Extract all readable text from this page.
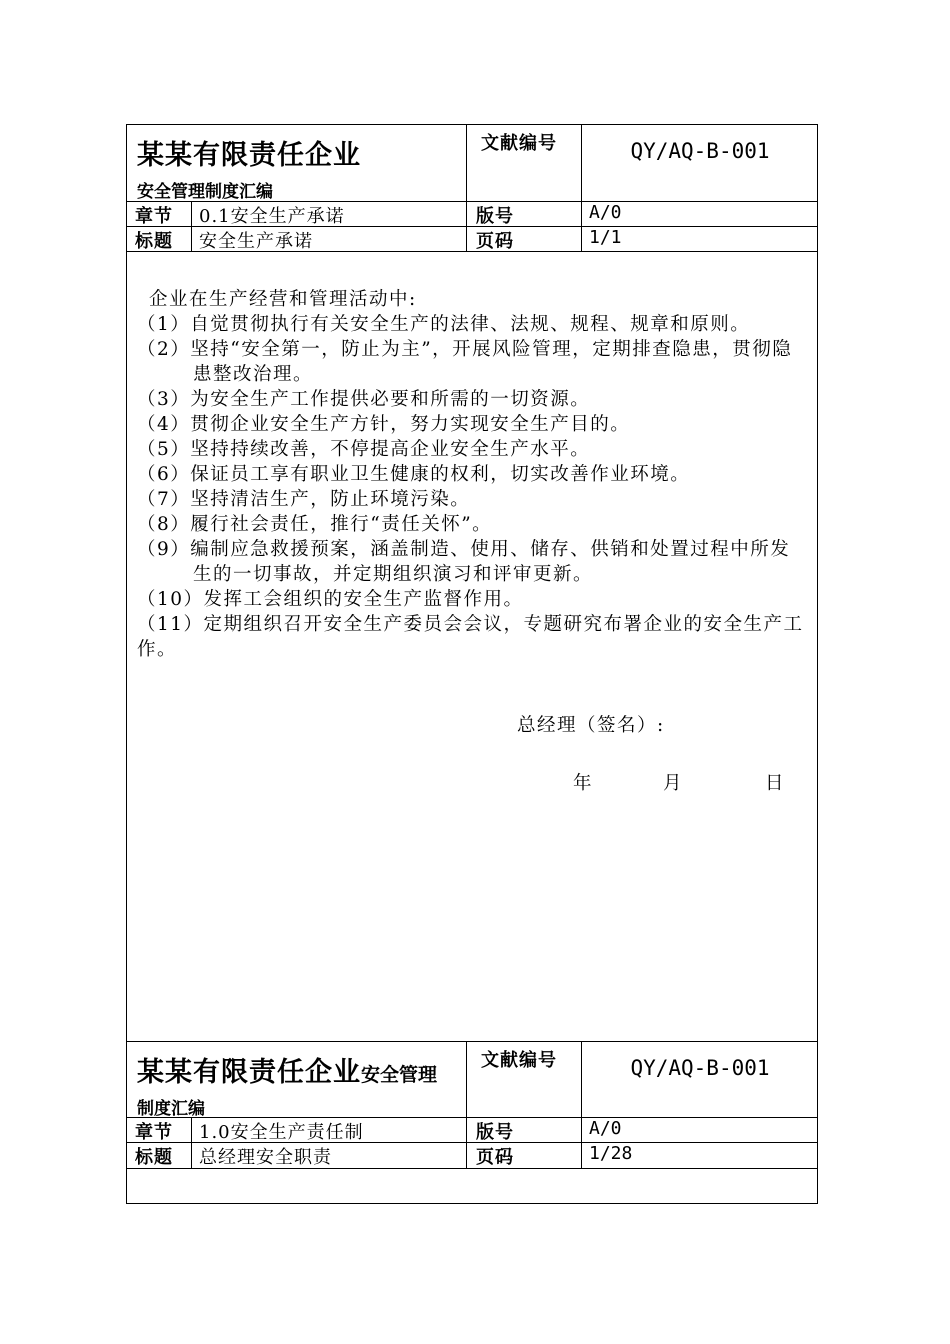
某某有限责任企业
安全管理制度汇编
文献编号	QY/AQ-B-001
章节 0.1安全生产承诺	版号	A/0
标题 安全生产承诺	页码	1/1

企业在生产经营和管理活动中:

（1）自觉贯彻执行有关安全生产的法律、法规、规程、规章和原则。

（2）坚持“安全第一，防止为主”，开展风险管理，定期排查隐患，贯彻隐患整改治理。

（3）为安全生产工作提供必要和所需的一切资源。

（4）贯彻企业安全生产方针，努力实现安全生产目的。

（5）坚持持续改善，不停提高企业安全生产水平。

（6）保证员工享有职业卫生健康的权利，切实改善作业环境。

（7）坚持清洁生产，防止环境污染。

（8）履行社会责任，推行“责任关怀”。

（9）编制应急救援预案，涵盖制造、使用、储存、供销和处置过程中所发生的一切事故，并定期组织演习和评审更新。

（10）发挥工会组织的安全生产监督作用。

（11）定期组织召开安全生产委员会会议，专题研究布署企业的安全生产工作。

总经理（签名）:
年	月	日
某某有限责任企业安全管理
制度汇编
文献编号	QY/AQ-B-001
章节 1.0安全生产责任制	版号	A/0
标题 总经理安全职责	页码	1/28
